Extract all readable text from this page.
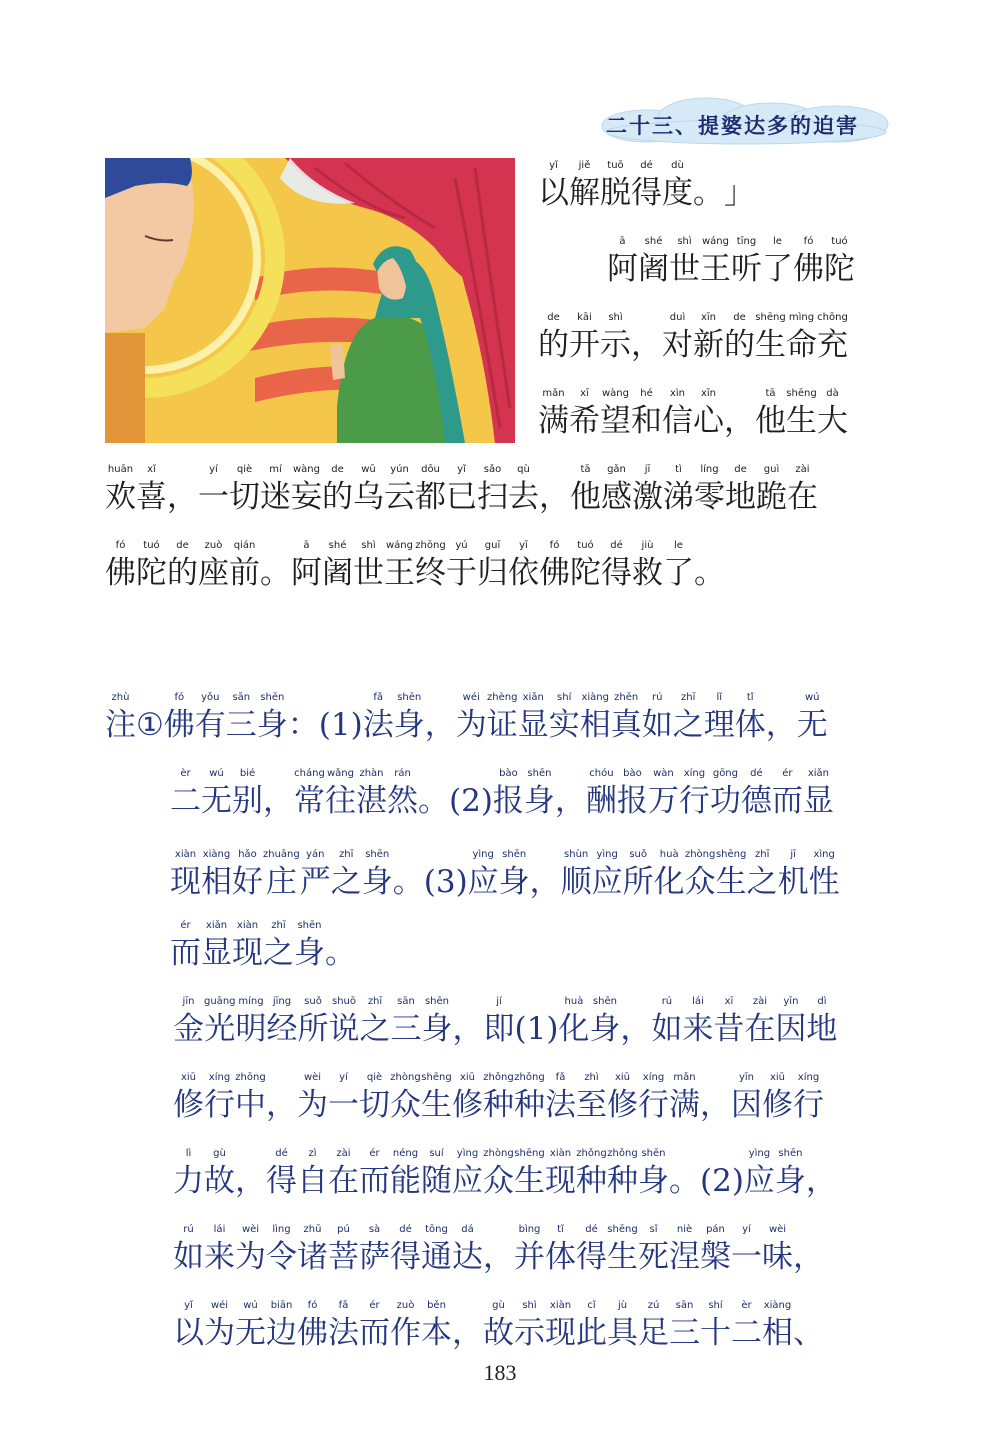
二十三、提婆达多的迫害
yǐ
以
jiě
解
tuō
脱
dé
得
dù
度 。 」
ā
阿
shé
阇
shì
世
wáng
王
tīng
听
le
了
fó
佛
tuó
陀
de
的
kāi
开
shì
示 ，
duì
对
xīn
新
de
的
shēng
生
mìng
命
chōng
充
mǎn
满
xī
希
wàng
望
hé
和
xìn
信
xīn
心 ，
tā
他
shēng
生
dà
大
huān
欢
xǐ
喜 ，
yí
一
qiè
切
mí
迷
wàng
妄
de
的
wū
乌
yún
云
dōu
都
yǐ
已
sǎo
扫
qù
去 ，
tā
他
gǎn
感
jī
激
tì
涕
líng
零
de
地
guì
跪
zài
在
fó
佛
tuó
陀
de
的
zuò
座
qián
前 。
ā
阿
shé
阇
shì
世
wáng
王
zhōng
终
yú
于
guī
归
yī
依
fó
佛
tuó
陀
dé
得
jiù
救
le
了 。
zhù
注 ①
fó
佛
yǒu
有
sān
三
shēn
身 ： (1)
fǎ
法
shēn
身 ，
wéi
为
zhèng
证
xiǎn
显
shí
实
xiàng
相
zhēn
真
rú
如
zhī
之
lǐ
理
tǐ
体 ，
wú
无
èr
二
wú
无
bié
别 ，
cháng
常
wǎng
往
zhàn
湛
rán
然 。 (2)
bào
报
shēn
身 ，
chóu
酬
bào
报
wàn
万
xíng
行
gōng
功
dé
德
ér
而
xiǎn
显
xiàn
现
xiàng
相
hǎo
好
zhuāng
庄
yán
严
zhī
之
shēn
身 。 (3)
yìng
应
shēn
身 ，
shùn
顺
yìng
应
suǒ
所
huà
化
zhòng
众
shēng
生
zhī
之
jī
机
xìng
性
ér
而
xiǎn
显
xiàn
现
zhī
之
shēn
身 。
jīn
金
guāng
光
míng
明
jīng
经
suǒ
所
shuō
说
zhī
之
sān
三
shēn
身 ，
jí
即 (1)
huà
化
shēn
身 ，
rú
如
lái
来
xī
昔
zài
在
yīn
因
dì
地
xiū
修
xíng
行
zhōng
中 ，
wèi
为
yí
一
qiè
切
zhòng
众
shēng
生
xiū
修
zhǒng
种
zhǒng
种
fǎ
法
zhì
至
xiū
修
xíng
行
mǎn
满 ，
yīn
因
xiū
修
xíng
行
lì
力
gù
故 ，
dé
得
zì
自
zài
在
ér
而
néng
能
suí
随
yìng
应
zhòng
众
shēng
生
xiàn
现
zhǒng
种
zhǒng
种
shēn
身 。 (2)
yìng
应
shēn
身 ，
rú
如
lái
来
wèi
为
lìng
令
zhū
诸
pú
菩
sà
萨
dé
得
tōng
通
dá
达 ，
bìng
并
tǐ
体
dé
得
shēng
生
sǐ
死
niè
涅
pán
槃
yí
一
wèi
味 ，
yǐ
以
wéi
为
wú
无
biān
边
fó
佛
fǎ
法
ér
而
zuò
作
běn
本 ，
gù
故
shì
示
xiàn
现
cǐ
此
jù
具
zú
足
sān
三
shí
十
èr
二
xiàng
相 、
183
